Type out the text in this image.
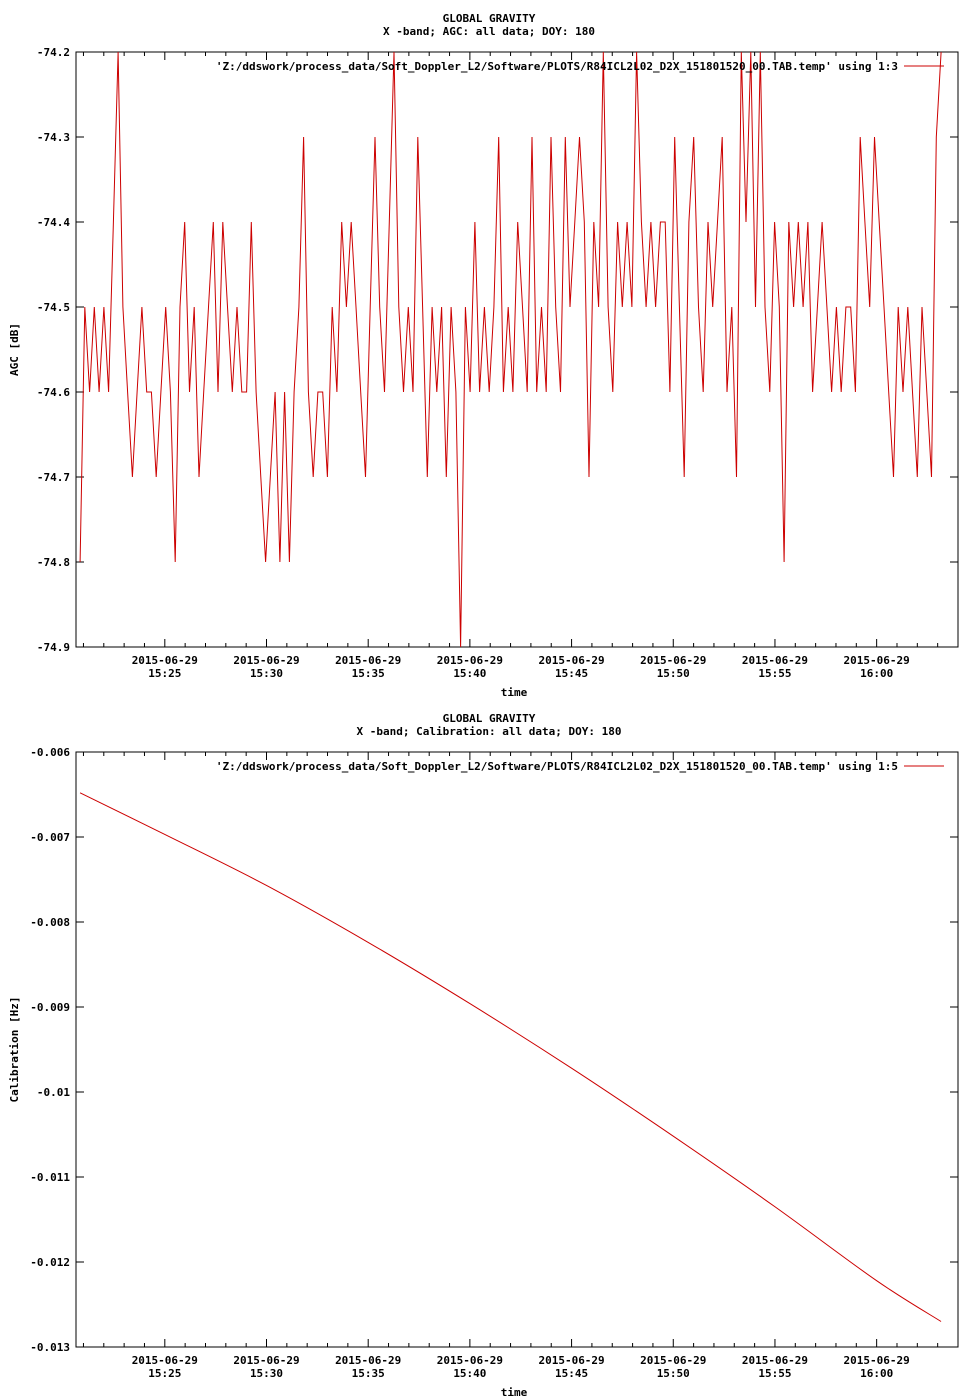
GLOBAL GRAVITY
X -band; AGC: all data; DOY: 180
-74.2
-74.3
-74.4
-74.5
-74.6
-74.7
-74.8
-74.9
2015-06-29
15:25
2015-06-29
15:30
2015-06-29
15:35
2015-06-29
15:40
2015-06-29
15:45
2015-06-29
15:50
2015-06-29
15:55
2015-06-29
16:00
time
AGC [dB]
'Z:/ddswork/process_data/Soft_Doppler_L2/Software/PLOTS/R84ICL2L02_D2X_151801520_00.TAB.temp' using 1:3
GLOBAL GRAVITY
X -band; Calibration: all data; DOY: 180
-0.006
-0.007
-0.008
-0.009
-0.01
-0.011
-0.012
-0.013
2015-06-29
15:25
2015-06-29
15:30
2015-06-29
15:35
2015-06-29
15:40
2015-06-29
15:45
2015-06-29
15:50
2015-06-29
15:55
2015-06-29
16:00
time
Calibration [Hz]
'Z:/ddswork/process_data/Soft_Doppler_L2/Software/PLOTS/R84ICL2L02_D2X_151801520_00.TAB.temp' using 1:5
